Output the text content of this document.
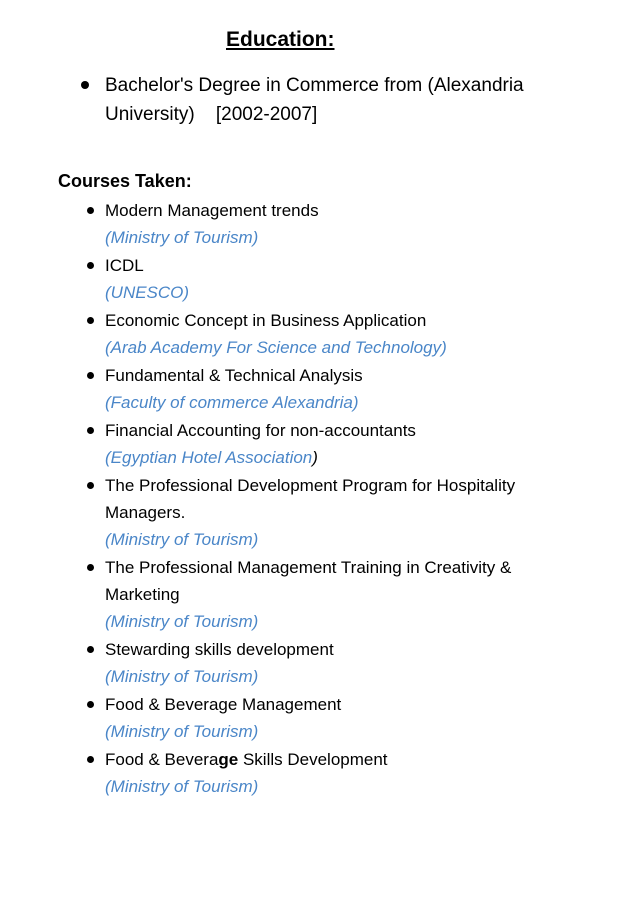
Education:
Bachelor's Degree in Commerce from (Alexandria
University) [2002-2007]
Courses Taken:
Modern Management trends
(Ministry of Tourism)
ICDL
(UNESCO)
Economic Concept in Business Application
(Arab Academy For Science and Technology)
Fundamental & Technical Analysis
(Faculty of commerce Alexandria)
Financial Accounting for non-accountants
(Egyptian Hotel Association)
The Professional Development Program for Hospitality
Managers.
(Ministry of Tourism)
The Professional Management Training in Creativity &
Marketing
(Ministry of Tourism)
Stewarding skills development
(Ministry of Tourism)
Food & Beverage Management
(Ministry of Tourism)
Food & Beverage Skills Development
(Ministry of Tourism)
